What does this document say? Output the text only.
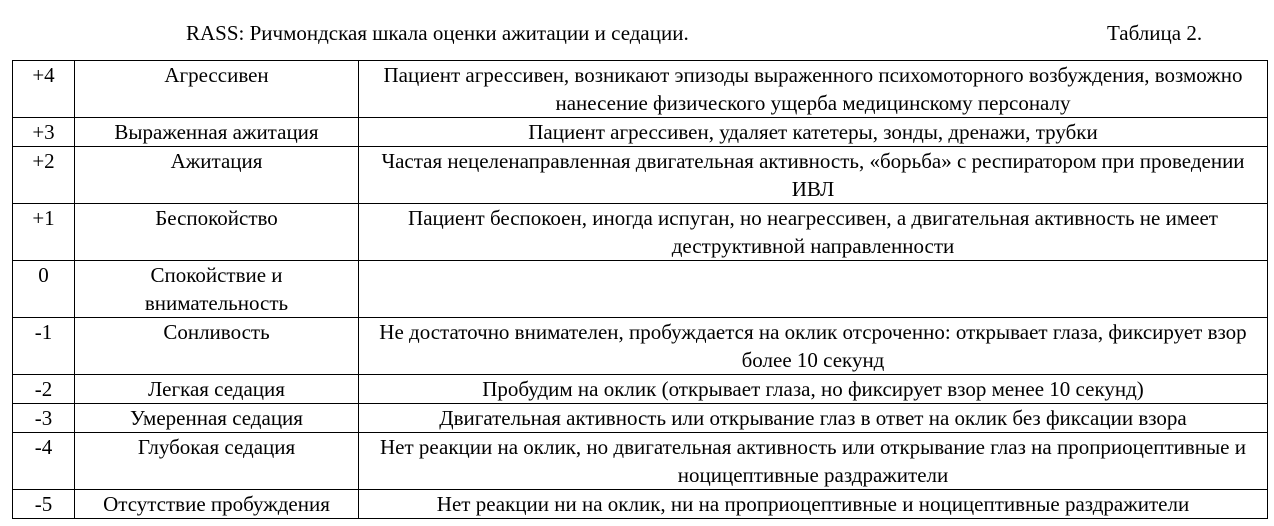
RASS: Ричмондская шкала оценки ажитации и седации.	Таблица 2.
+4	Агрессивен	Пациент агрессивен, возникают эпизоды выраженного психомоторного возбуждения, возможно нанесение физического ущерба медицинскому персоналу
+3	Выраженная ажитация	Пациент агрессивен, удаляет катетеры, зонды, дренажи, трубки
+2	Ажитация	Частая нецеленаправленная двигательная активность, «борьба» с респиратором при проведении ИВЛ
+1	Беспокойство	Пациент беспокоен, иногда испуган, но неагрессивен, а двигательная активность не имеет деструктивной направленности
0	Спокойствие и внимательность	
-1	Сонливость	Не достаточно внимателен, пробуждается на оклик отсроченно: открывает глаза, фиксирует взор более 10 секунд
-2	Легкая седация	Пробудим на оклик (открывает глаза, но фиксирует взор менее 10 секунд)
-3	Умеренная седация	Двигательная активность или открывание глаз в ответ на оклик без фиксации взора
-4	Глубокая седация	Нет реакции на оклик, но двигательная активность или открывание глаз на проприоцептивные и ноцицептивные раздражители
-5	Отсутствие пробуждения	Нет реакции ни на оклик, ни на проприоцептивные и ноцицептивные раздражители
